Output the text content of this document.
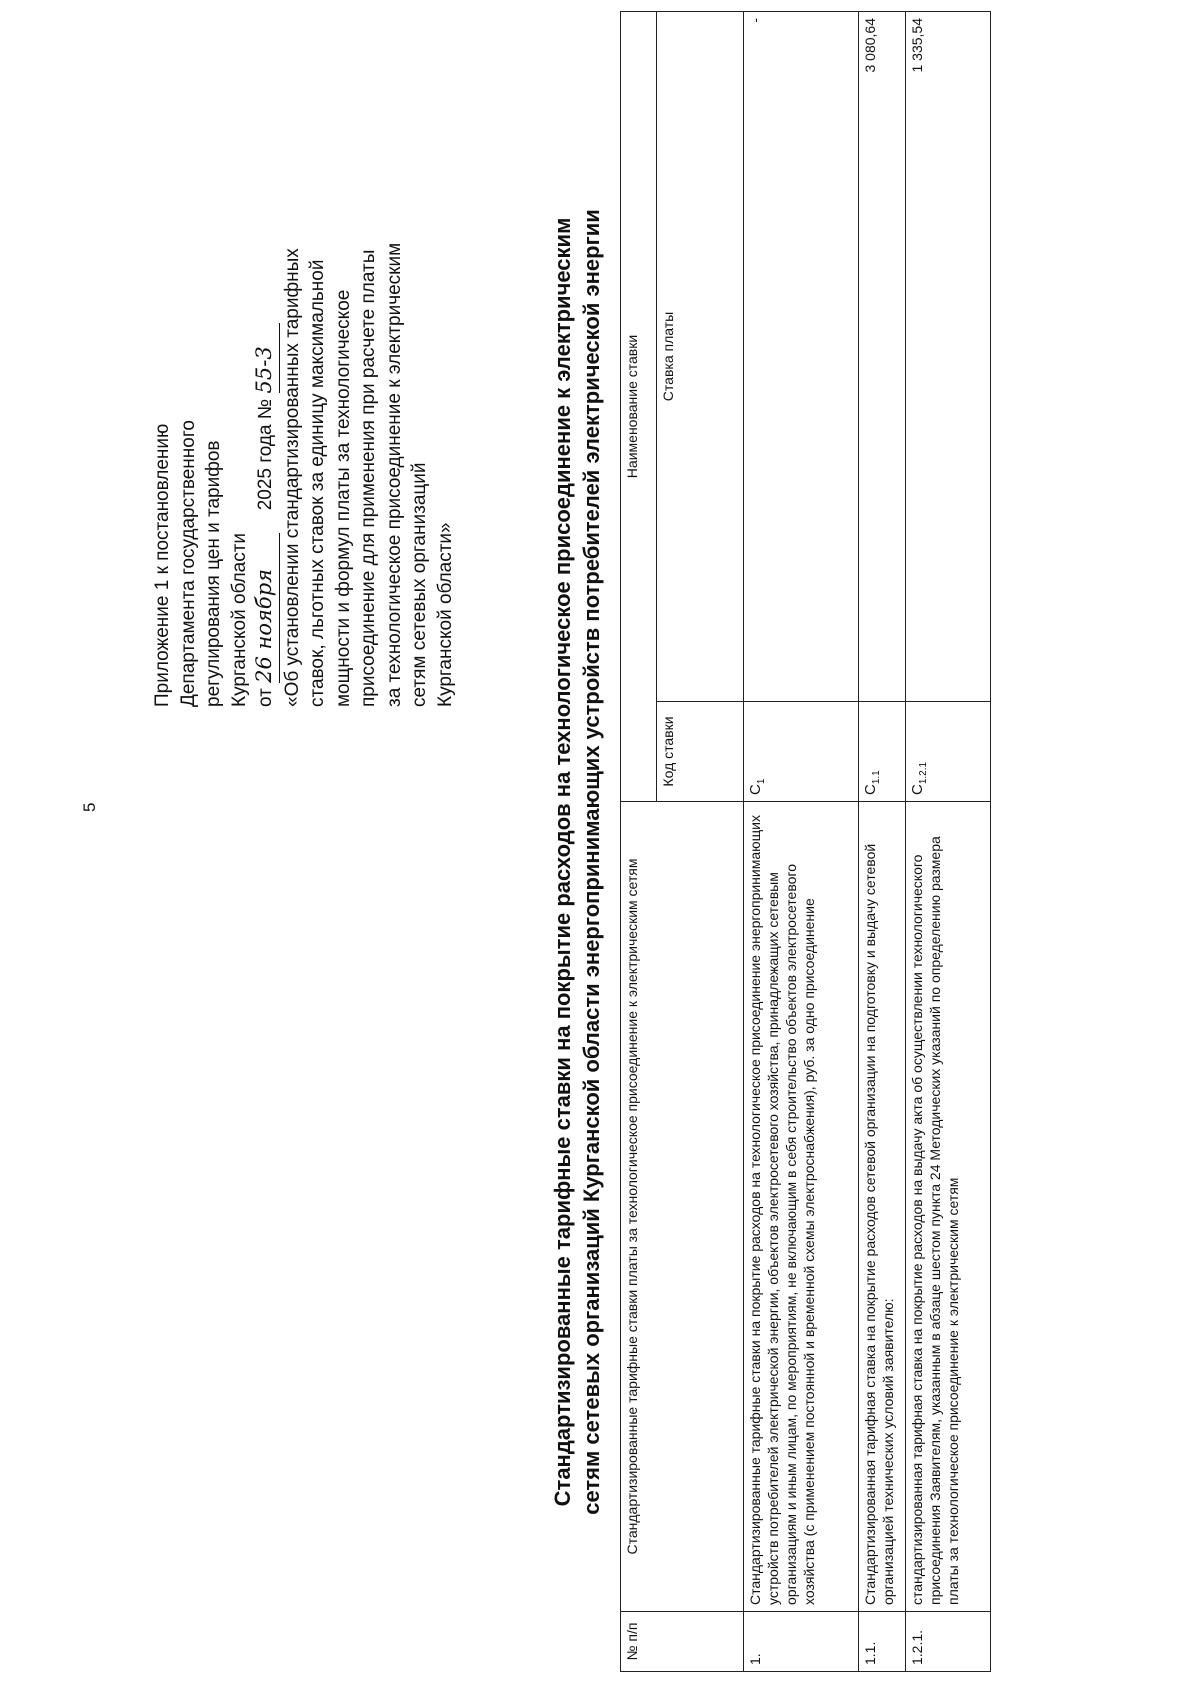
5
Приложение 1 к постановлению Департамента государственного регулирования цен и тарифов Курганской области от 26 ноября  2025 года № 55-3 «Об установлении стандартизированных тарифных ставок, льготных ставок за единицу максимальной мощности и формул платы за технологическое присоединение для применения при расчете платы за технологическое присоединение к электрическим сетям сетевых организаций Курганской области»	Стандартизированные тарифные ставки на покрытие расходов на технологическое присоединение к электрическим сетям сетевых организаций Курганской области энергопринимающих устройств потребителей электрической энергии
№ п/п	Стандартизированные тарифные ставки платы за технологическое присоединение к электрическим сетям	Наименование ставки	
		Код ставки	Ставка платы
1.	Стандартизированные тарифные ставки на покрытие расходов на технологическое присоединение энергопринимающих устройств потребителей электрической энергии, объектов электросетевого хозяйства, принадлежащих сетевым организациям и иным лицам, по мероприятиям, не включающим в себя строительство объектов электросетевого хозяйства (с применением постоянной и временной схемы электроснабжения), руб. за одно присоединение	$С_1$	-
1.1.	Стандартизированная тарифная ставка на покрытие расходов сетевой организации на подготовку и выдачу сетевой организацией технических условий заявителю:	$С_{1.1}$	3 080,64
1.2.1.	стандартизированная тарифная ставка на покрытие расходов на выдачу акта об осуществлении технологического присоединения Заявителям, указанным в абзаце шестом пункта 24 Методических указаний по определению размера платы за технологическое присоединение к электрическим сетям	$С_{1.2.1}$	1 335,54
